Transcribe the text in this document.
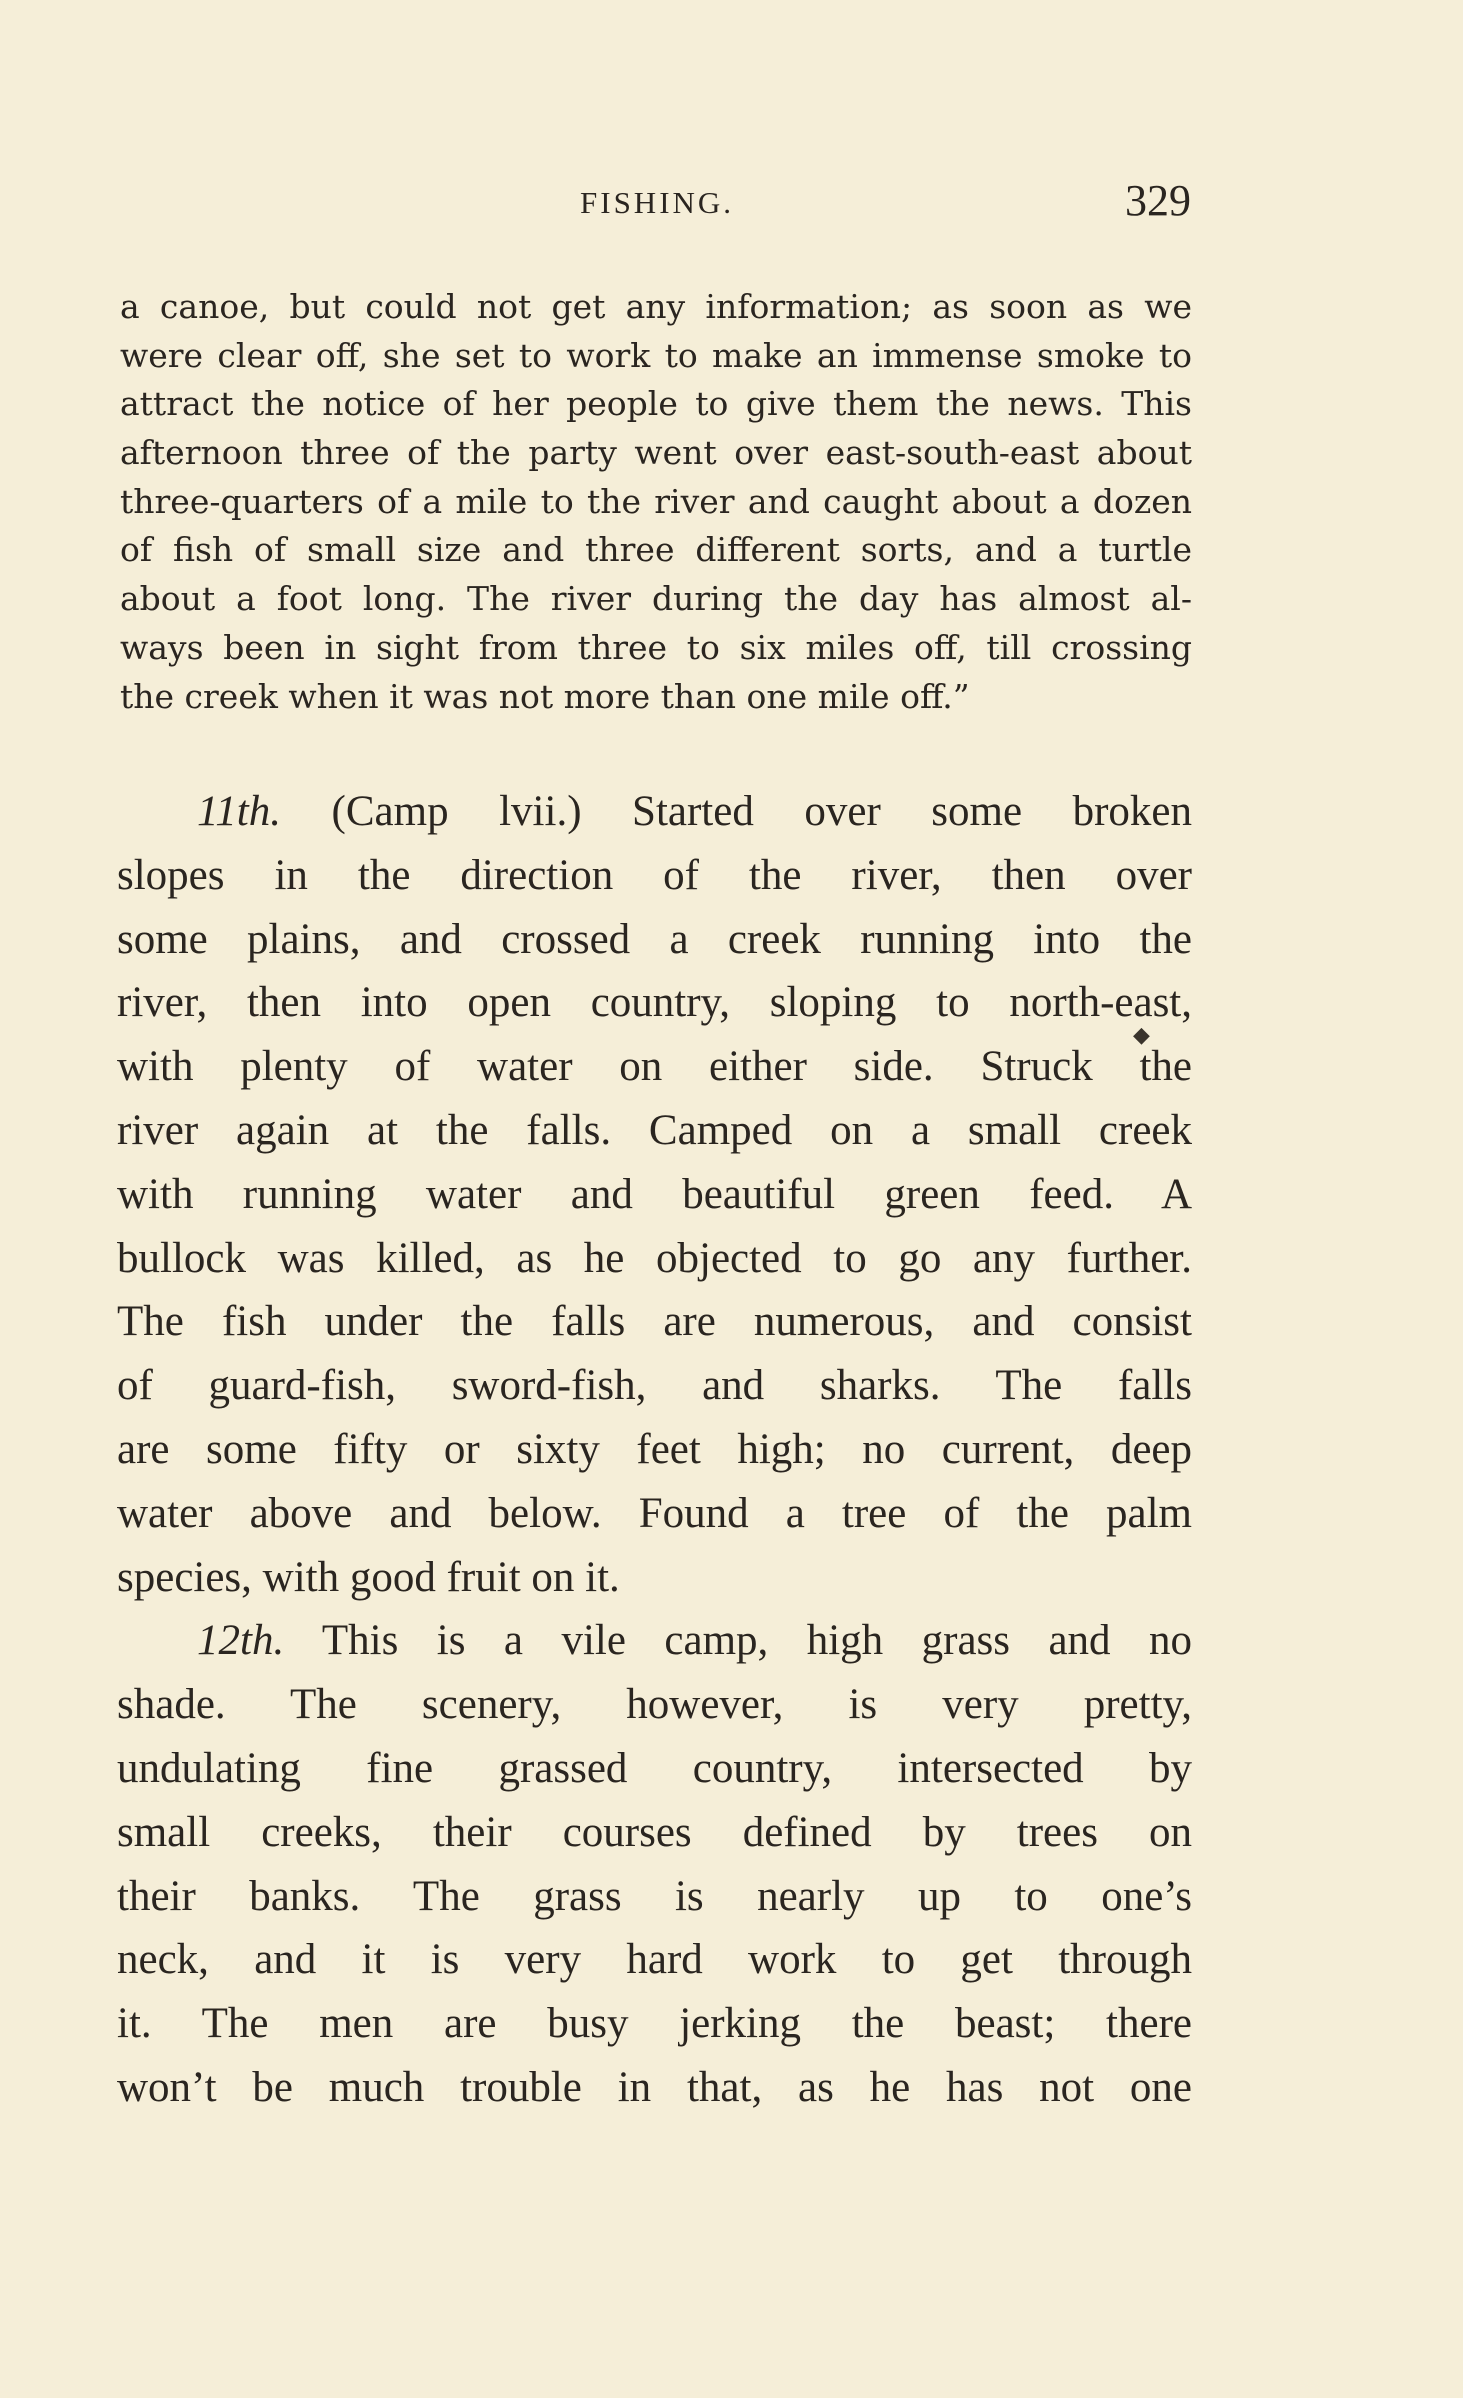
FISHING.	329
a canoe, but could not get any information; as soon as we
were clear off, she set to work to make an immense smoke to
attract the notice of her people to give them the news. This
afternoon three of the party went over east-south-east about
three-quarters of a mile to the river and caught about a dozen
of fish of small size and three different sorts, and a turtle
about a foot long. The river during the day has almost al-
ways been in sight from three to six miles off, till crossing
the creek when it was not more than one mile off.”
11th. (Camp lvii.) Started over some broken
slopes in the direction of the river, then over
some plains, and crossed a creek running into the
river, then into open country, sloping to north-east,
with plenty of water on either side. Struck the
river again at the falls. Camped on a small creek
with running water and beautiful green feed. A
bullock was killed, as he objected to go any further.
The fish under the falls are numerous, and consist
of guard-fish, sword-fish, and sharks. The falls
are some fifty or sixty feet high; no current, deep
water above and below. Found a tree of the palm
species, with good fruit on it.
12th. This is a vile camp, high grass and no
shade. The scenery, however, is very pretty,
undulating fine grassed country, intersected by
small creeks, their courses defined by trees on
their banks. The grass is nearly up to one’s
neck, and it is very hard work to get through
it. The men are busy jerking the beast; there
won’t be much trouble in that, as he has not one
◆
